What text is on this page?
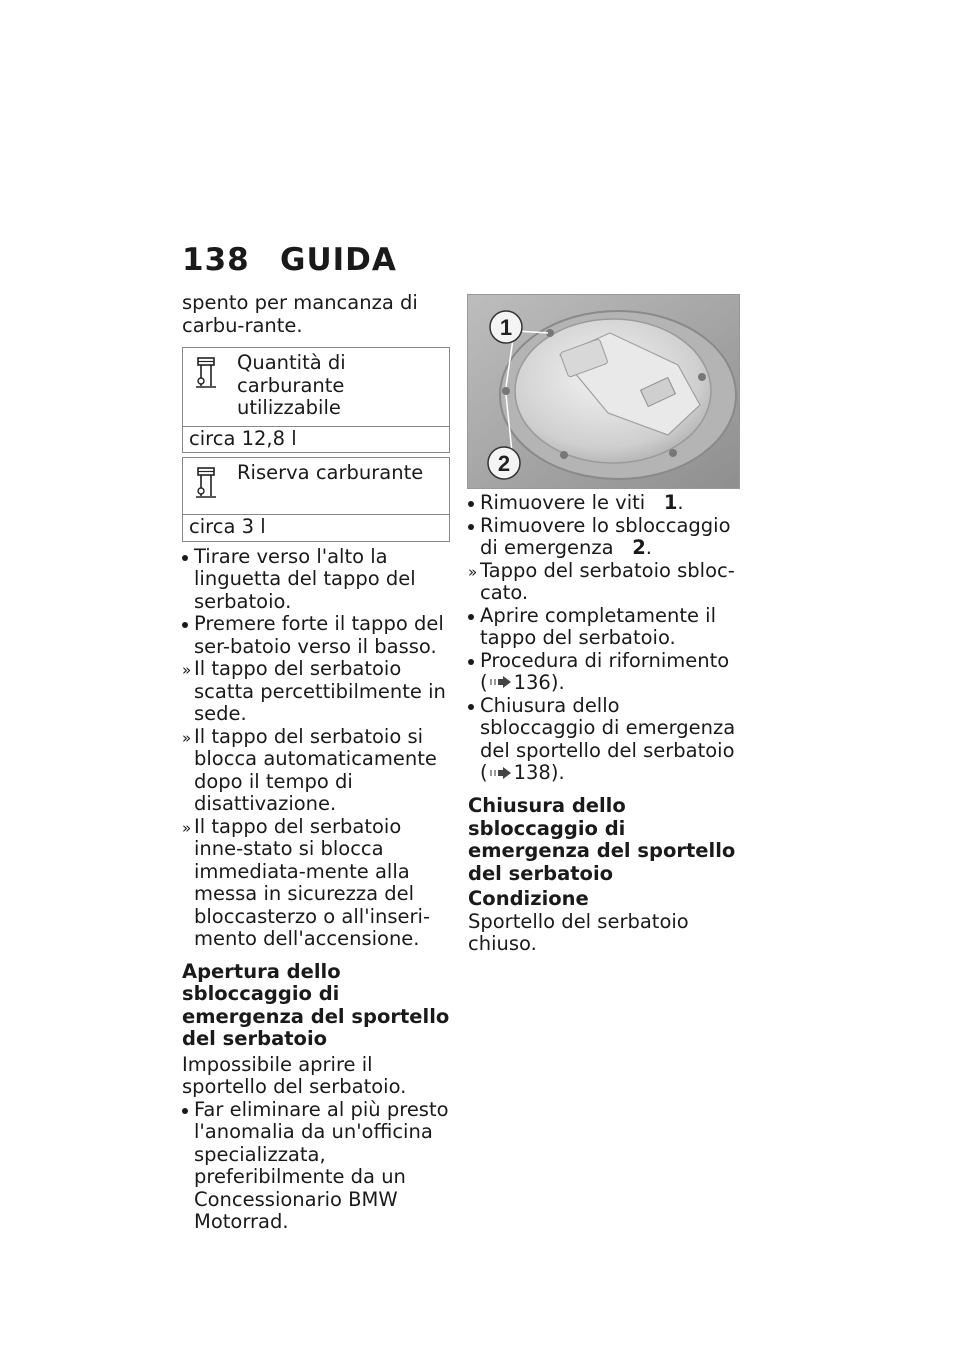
138 GUIDA

spento per mancanza di carbu-rante.

Quantità di carburante utilizzabile
circa 12,8 l
Riserva carburante
circa 3 l
Tirare verso l'alto la linguetta del tappo del serbatoio.
Premere forte il tappo del ser-batoio verso il basso.
» Il tappo del serbatoio scatta percettibilmente in sede.
» Il tappo del serbatoio si blocca automaticamente dopo il tempo di disattivazione.
» Il tappo del serbatoio inne-stato si blocca immediata-mente alla messa in sicurezza del bloccasterzo o all'inseri-mento dell'accensione.
Apertura dello sbloccaggio di emergenza del sportello del serbatoio

Impossibile aprire il sportello del serbatoio.

Far eliminare al più presto l'anomalia da un'officina specializzata, preferibilmente da un Concessionario BMW Motorrad.
1
2
Rimuovere le viti 1.
Rimuovere lo sbloccaggio di emergenza 2.
» Tappo del serbatoio sbloc-cato.
Aprire completamente il tappo del serbatoio.
Procedura di rifornimento ( 136).
Chiusura dello sbloccaggio di emergenza del sportello del serbatoio ( 138).
Chiusura dello sbloccaggio di emergenza del sportello del serbatoio

Condizione

Sportello del serbatoio chiuso.
